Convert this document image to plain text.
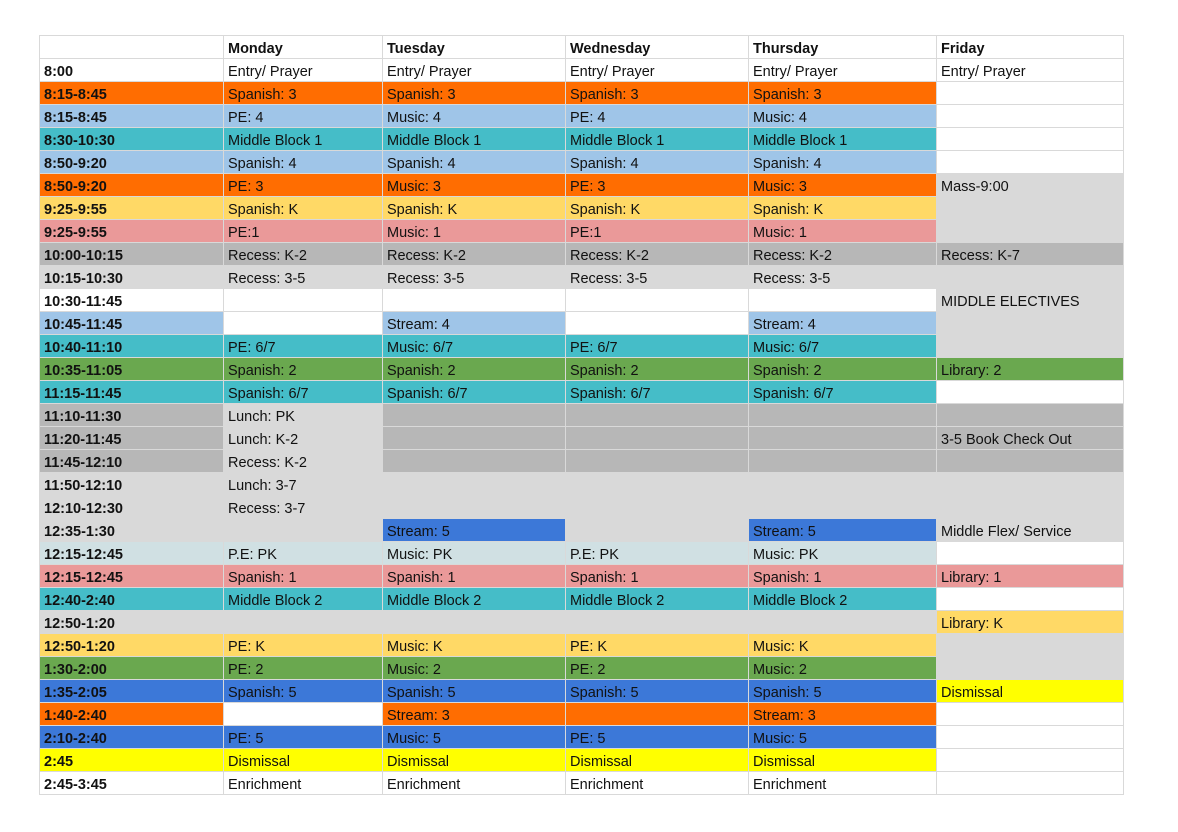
	Monday	Tuesday	Wednesday	Thursday	Friday
8:00	Entry/ Prayer	Entry/ Prayer	Entry/ Prayer	Entry/ Prayer	Entry/ Prayer
8:15-8:45	Spanish: 3	Spanish: 3	Spanish: 3	Spanish: 3	
8:15-8:45	PE: 4	Music: 4	PE: 4	Music: 4	
8:30-10:30	Middle Block 1	Middle Block 1	Middle Block 1	Middle Block 1	
8:50-9:20	Spanish: 4	Spanish: 4	Spanish: 4	Spanish: 4	
8:50-9:20	PE: 3	Music: 3	PE: 3	Music: 3	Mass-9:00
9:25-9:55	Spanish: K	Spanish: K	Spanish: K	Spanish: K	
9:25-9:55	PE:1	Music: 1	PE:1	Music: 1	
10:00-10:15	Recess: K-2	Recess: K-2	Recess: K-2	Recess: K-2	Recess: K-7
10:15-10:30	Recess: 3-5	Recess: 3-5	Recess: 3-5	Recess: 3-5	
10:30-11:45					MIDDLE ELECTIVES
10:45-11:45		Stream: 4		Stream: 4	
10:40-11:10	PE: 6/7	Music: 6/7	PE: 6/7	Music: 6/7	
10:35-11:05	Spanish: 2	Spanish: 2	Spanish: 2	Spanish: 2	Library: 2
11:15-11:45	Spanish: 6/7	Spanish: 6/7	Spanish: 6/7	Spanish: 6/7	
11:10-11:30	Lunch: PK				
11:20-11:45	Lunch: K-2				3-5 Book Check Out
11:45-12:10	Recess: K-2				
11:50-12:10	Lunch: 3-7				
12:10-12:30	Recess: 3-7				
12:35-1:30		Stream: 5		Stream: 5	Middle Flex/ Service
12:15-12:45	P.E: PK	Music: PK	P.E: PK	Music: PK	
12:15-12:45	Spanish: 1	Spanish: 1	Spanish: 1	Spanish: 1	Library: 1
12:40-2:40	Middle Block 2	Middle Block 2	Middle Block 2	Middle Block 2	
12:50-1:20					Library: K
12:50-1:20	PE: K	Music: K	PE: K	Music: K	
1:30-2:00	PE: 2	Music: 2	PE: 2	Music: 2	
1:35-2:05	Spanish: 5	Spanish: 5	Spanish: 5	Spanish: 5	Dismissal
1:40-2:40		Stream: 3		Stream: 3	
2:10-2:40	PE: 5	Music: 5	PE: 5	Music: 5	
2:45	Dismissal	Dismissal	Dismissal	Dismissal	
2:45-3:45	Enrichment	Enrichment	Enrichment	Enrichment	
